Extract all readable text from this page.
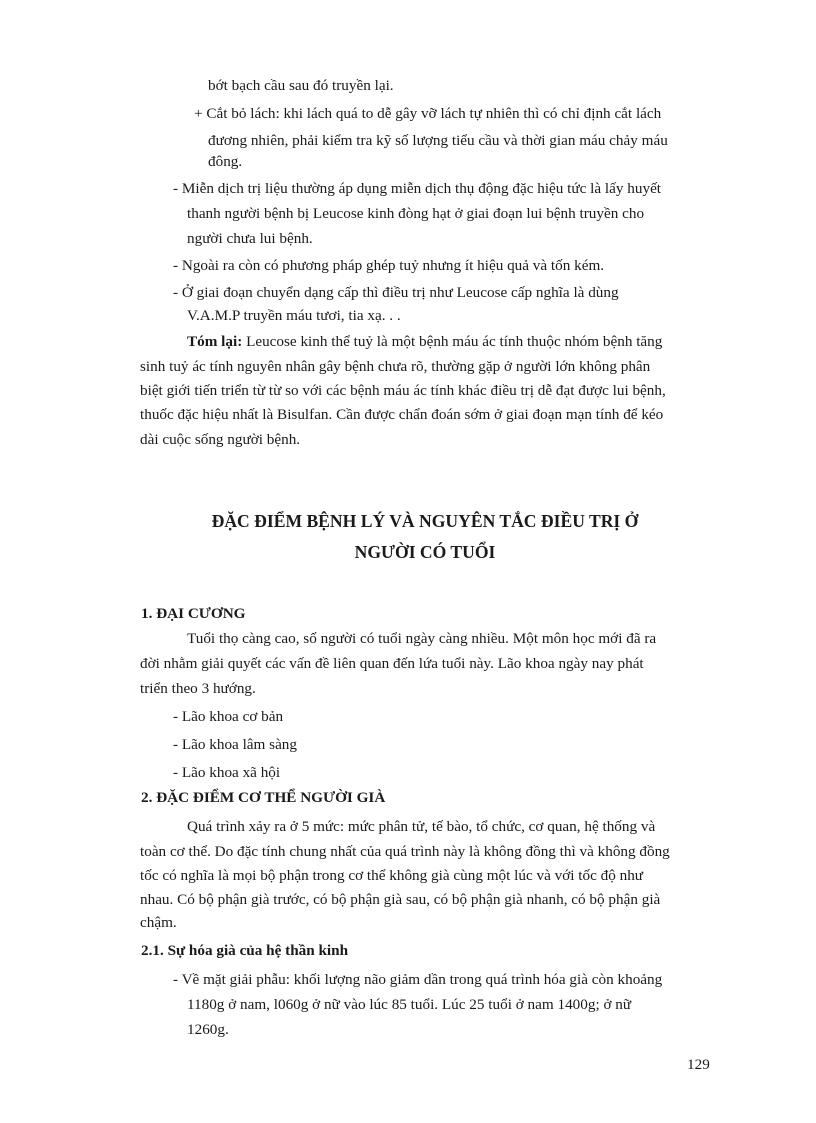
bớt bạch cầu sau đó truyền lại.
+ Cắt bỏ lách: khi lách quá to dễ gây vỡ lách tự nhiên thì có chỉ định cắt lách
đương nhiên, phải kiểm tra kỹ số lượng tiểu cầu và thời gian máu chảy máu
đông.
- Miễn dịch trị liệu thường áp dụng miễn dịch thụ động đặc hiệu tức là lấy huyết
thanh người bệnh bị Leucose kinh đòng hạt ở giai đoạn lui bệnh truyền cho
người chưa lui bệnh.
- Ngoài ra còn có phương pháp ghép tuỷ nhưng ít hiệu quả và tốn kém.
- Ở giai đoạn chuyển dạng cấp thì điều trị như Leucose cấp nghĩa là dùng
V.A.M.P truyền máu tươi, tia xạ. . .
Tóm lại: Leucose kinh thể tuỷ là một bệnh máu ác tính thuộc nhóm bệnh tăng
sinh tuỷ ác tính nguyên nhân gây bệnh chưa rõ, thường gặp ở người lớn không phân
biệt giới tiến triển từ từ so với các bệnh máu ác tính khác điều trị dễ đạt được lui bệnh,
thuốc đặc hiệu nhất là Bisulfan. Cần được chẩn đoán sớm ở giai đoạn mạn tính để kéo
dài cuộc sống người bệnh.
ĐẶC ĐIỂM BỆNH LÝ VÀ NGUYÊN TẮC ĐIỀU TRỊ Ở
NGƯỜI CÓ TUỔI
1. ĐẠI CƯƠNG
Tuổi thọ càng cao, số người có tuổi ngày càng nhiều. Một môn học mới đã ra
đời nhằm giải quyết các vấn đề liên quan đến lứa tuổi này. Lão khoa ngày nay phát
triển theo 3 hướng.
- Lão khoa cơ bản
- Lão khoa lâm sàng
- Lão khoa xã hội
2. ĐẶC ĐIỂM CƠ THỂ NGƯỜI GIÀ
Quá trình xảy ra ở 5 mức: mức phân tử, tế bào, tổ chức, cơ quan, hệ thống và
toàn cơ thể. Do đặc tính chung nhất của quá trình này là không đồng thì và không đồng
tốc có nghĩa là mọi bộ phận trong cơ thể không già cùng một lúc và với tốc độ như
nhau. Có bộ phận già trước, có bộ phận già sau, có bộ phận già nhanh, có bộ phận già
chậm.
2.1. Sự hóa già của hệ thần kinh
- Về mặt giải phẫu: khối lượng não giảm dần trong quá trình hóa già còn khoảng
1180g ở nam, l060g ở nữ vào lúc 85 tuổi. Lúc 25 tuổi ở nam 1400g; ở nữ
1260g.
129
